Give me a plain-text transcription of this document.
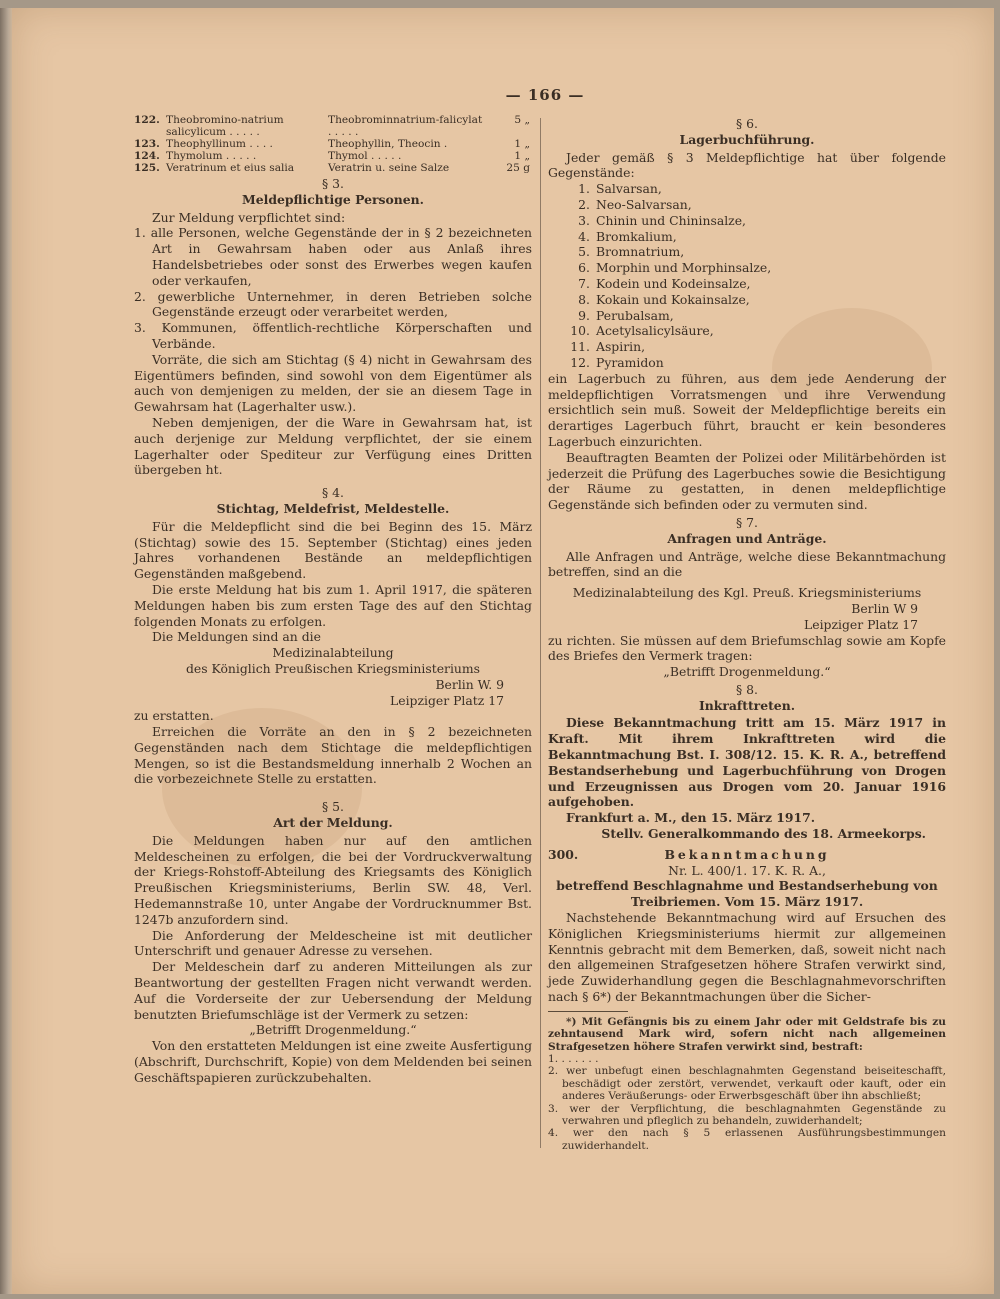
— 166 —
122.	Theobromino-natrium salicylicum . . . . .	Theobrominnatrium-falicylat . . . . .	5 „
123.	Theophyllinum . . . .	Theophyllin, Theocin .	1 „
124.	Thymolum . . . . .	Thymol . . . . .	1 „
125.	Veratrinum et eius salia	Veratrin u. seine Salze	25 g

§ 3.

Meldepflichtige Personen.

Zur Meldung verpflichtet sind:

1. alle Personen, welche Gegenstände der in § 2 bezeichneten Art in Gewahrsam haben oder aus Anlaß ihres Handelsbetriebes oder sonst des Erwerbes wegen kaufen oder verkaufen,

2. gewerbliche Unternehmer, in deren Betrieben solche Gegenstände erzeugt oder verarbeitet werden,

3. Kommunen, öffentlich-rechtliche Körperschaften und Verbände.

Vorräte, die sich am Stichtag (§ 4) nicht in Gewahrsam des Eigentümers befinden, sind sowohl von dem Eigentümer als auch von demjenigen zu melden, der sie an diesem Tage in Gewahrsam hat (Lagerhalter usw.).

Neben demjenigen, der die Ware in Gewahrsam hat, ist auch derjenige zur Meldung verpflichtet, der sie einem Lagerhalter oder Spediteur zur Verfügung eines Dritten übergeben ht.

§ 4.

Stichtag, Meldefrist, Meldestelle.

Für die Meldepflicht sind die bei Beginn des 15. März (Stichtag) sowie des 15. September (Stichtag) eines jeden Jahres vorhandenen Bestände an meldepflichtigen Gegenständen maßgebend.

Die erste Meldung hat bis zum 1. April 1917, die späteren Meldungen haben bis zum ersten Tage des auf den Stichtag folgenden Monats zu erfolgen.

Die Meldungen sind an die

Medizinalabteilung

des Königlich Preußischen Kriegsministeriums

Berlin W. 9

Leipziger Platz 17

zu erstatten.

Erreichen die Vorräte an den in § 2 bezeichneten Gegenständen nach dem Stichtage die meldepflichtigen Mengen, so ist die Bestandsmeldung innerhalb 2 Wochen an die vorbezeichnete Stelle zu erstatten.

§ 5.

Art der Meldung.

Die Meldungen haben nur auf den amtlichen Meldescheinen zu erfolgen, die bei der Vordruckverwaltung der Kriegs-Rohstoff-Abteilung des Kriegsamts des Königlich Preußischen Kriegsministeriums, Berlin SW. 48, Verl. Hedemannstraße 10, unter Angabe der Vordrucknummer Bst. 1247b anzufordern sind.

Die Anforderung der Meldescheine ist mit deutlicher Unterschrift und genauer Adresse zu versehen.

Der Meldeschein darf zu anderen Mitteilungen als zur Beantwortung der gestellten Fragen nicht verwandt werden. Auf die Vorderseite der zur Uebersendung der Meldung benutzten Briefumschläge ist der Vermerk zu setzen:

„Betrifft Drogenmeldung.“

Von den erstatteten Meldungen ist eine zweite Ausfertigung (Abschrift, Durchschrift, Kopie) von dem Meldenden bei seinen Geschäftspapieren zurückzubehalten.

§ 6.

Lagerbuchführung.

Jeder gemäß § 3 Meldepflichtige hat über folgende Gegenstände:

1. Salvarsan,
2. Neo-Salvarsan,
3. Chinin und Chininsalze,
4. Bromkalium,
5. Bromnatrium,
6. Morphin und Morphinsalze,
7. Kodein und Kodeinsalze,
8. Kokain und Kokainsalze,
9. Perubalsam,
10. Acetylsalicylsäure,
11. Aspirin,
12. Pyramidon

ein Lagerbuch zu führen, aus dem jede Aenderung der meldepflichtigen Vorratsmengen und ihre Verwendung ersichtlich sein muß. Soweit der Meldepflichtige bereits ein derartiges Lagerbuch führt, braucht er kein besonderes Lagerbuch einzurichten.

Beauftragten Beamten der Polizei oder Militärbehörden ist jederzeit die Prüfung des Lagerbuches sowie die Besichtigung der Räume zu gestatten, in denen meldepflichtige Gegenstände sich befinden oder zu vermuten sind.

§ 7.

Anfragen und Anträge.

Alle Anfragen und Anträge, welche diese Bekanntmachung betreffen, sind an die

Medizinalabteilung des Kgl. Preuß. Kriegsministeriums

Berlin W 9

Leipziger Platz 17

zu richten. Sie müssen auf dem Briefumschlag sowie am Kopfe des Briefes den Vermerk tragen:

„Betrifft Drogenmeldung.“

§ 8.

Inkrafttreten.

Diese Bekanntmachung tritt am 15. März 1917 in Kraft. Mit ihrem Inkrafttreten wird die Bekanntmachung Bst. I. 308/12. 15. K. R. A., betreffend Bestandserhebung und Lagerbuchführung von Drogen und Erzeugnissen aus Drogen vom 20. Januar 1916 aufgehoben.

Frankfurt a. M., den 15. März 1917.

Stellv. Generalkommando des 18. Armeekorps.

300.	Bekanntmachung

Nr. L. 400/1. 17. K. R. A.,

betreffend Beschlagnahme und Bestandserhebung von Treibriemen. Vom 15. März 1917.

Nachstehende Bekanntmachung wird auf Ersuchen des Königlichen Kriegsministeriums hiermit zur allgemeinen Kenntnis gebracht mit dem Bemerken, daß, soweit nicht nach den allgemeinen Strafgesetzen höhere Strafen verwirkt sind, jede Zuwiderhandlung gegen die Beschlagnahmevorschriften nach § 6*) der Bekanntmachungen über die Sicher-

*) Mit Gefängnis bis zu einem Jahr oder mit Geldstrafe bis zu zehntausend Mark wird, sofern nicht nach allgemeinen Strafgesetzen höhere Strafen verwirkt sind, bestraft:

1. . . . . . .

2. wer unbefugt einen beschlagnahmten Gegenstand beiseiteschafft, beschädigt oder zerstört, verwendet, verkauft oder kauft, oder ein anderes Veräußerungs- oder Erwerbsgeschäft über ihn abschließt;

3. wer der Verpflichtung, die beschlagnahmten Gegenstände zu verwahren und pfleglich zu behandeln, zuwiderhandelt;

4. wer den nach § 5 erlassenen Ausführungsbestimmungen zuwiderhandelt.
